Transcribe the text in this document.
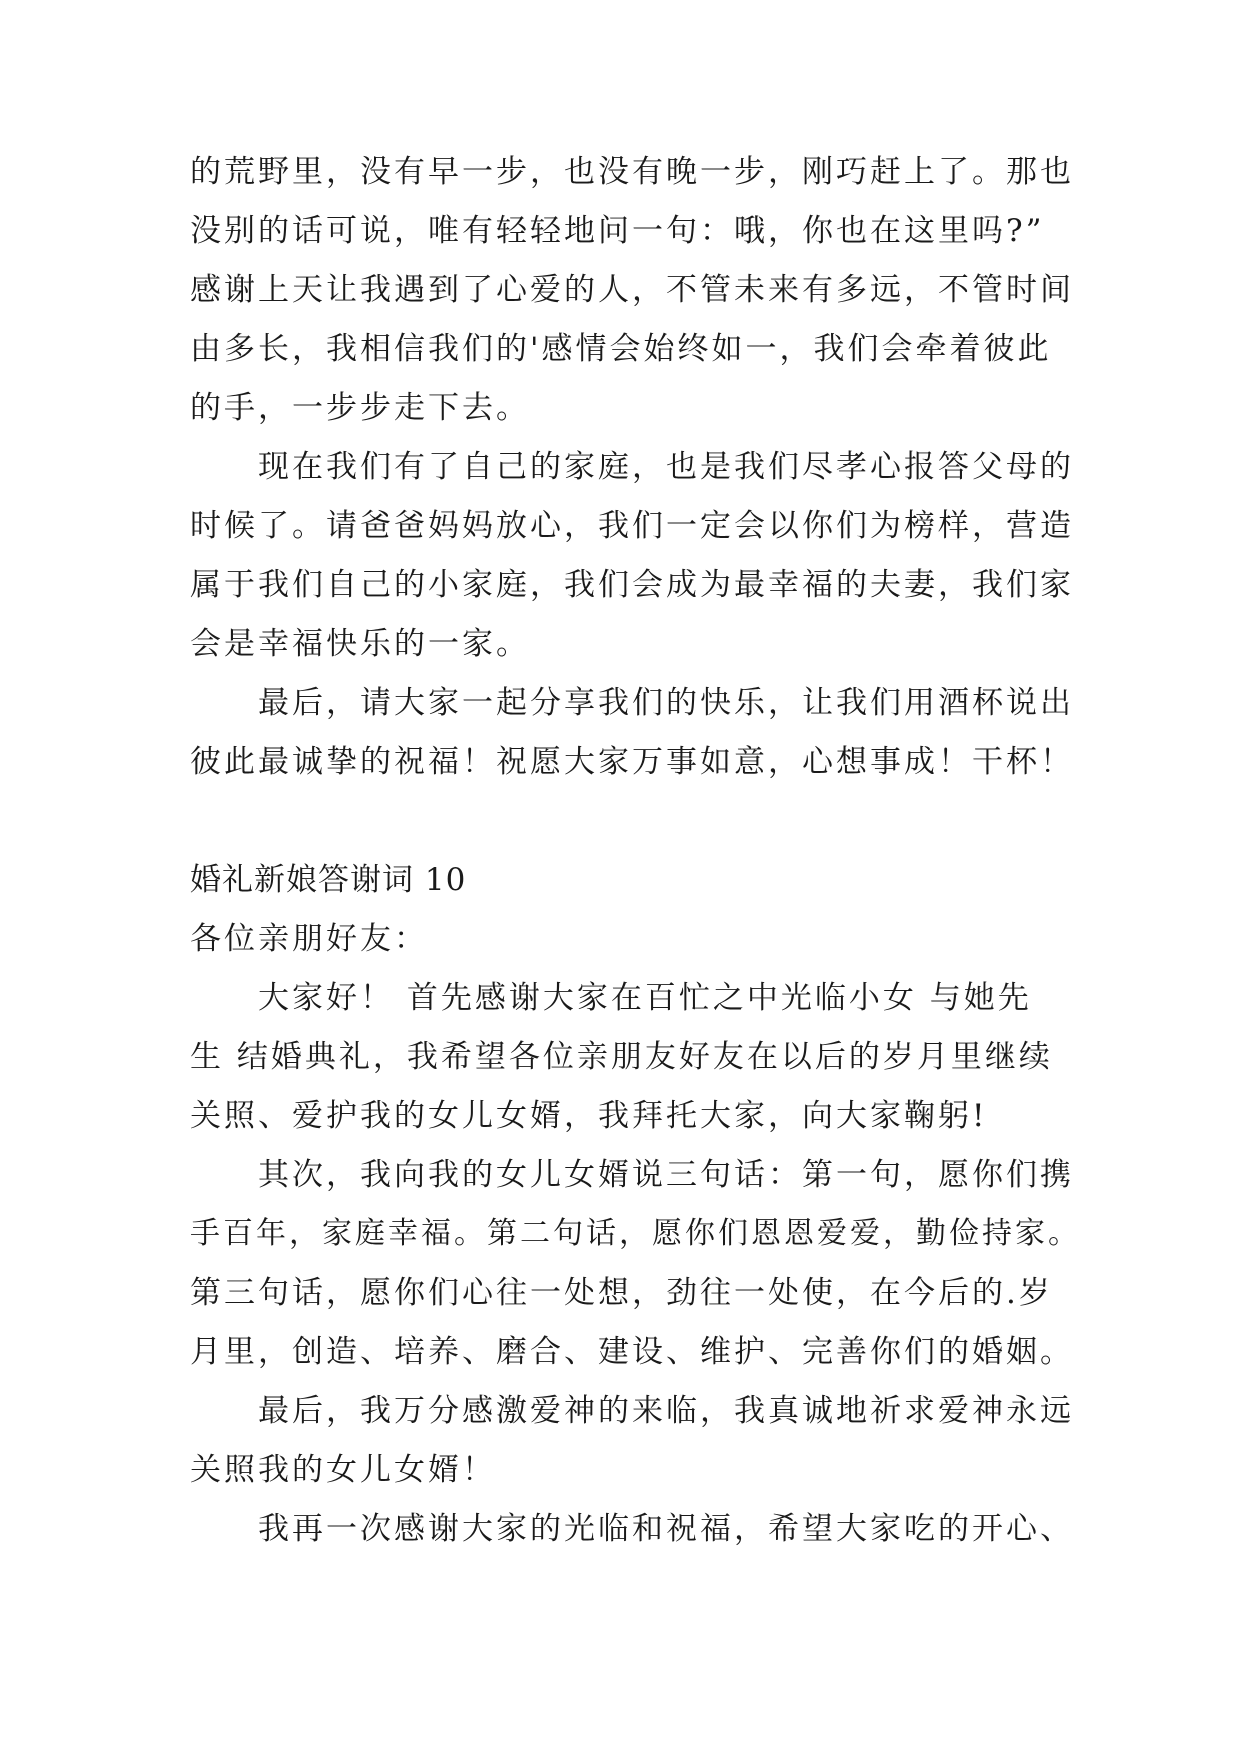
的荒野里，没有早一步，也没有晚一步，刚巧赶上了。那也
没别的话可说，唯有轻轻地问一句：哦，你也在这里吗?”
感谢上天让我遇到了心爱的人，不管未来有多远，不管时间
由多长，我相信我们的'感情会始终如一，我们会牵着彼此
的手，一步步走下去。
现在我们有了自己的家庭，也是我们尽孝心报答父母的
时候了。请爸爸妈妈放心，我们一定会以你们为榜样，营造
属于我们自己的小家庭，我们会成为最幸福的夫妻，我们家
会是幸福快乐的一家。
最后，请大家一起分享我们的快乐，让我们用酒杯说出
彼此最诚挚的祝福！祝愿大家万事如意，心想事成！干杯！
婚礼新娘答谢词 10
各位亲朋好友：
大家好！ 首先感谢大家在百忙之中光临小女 与她先
生 结婚典礼，我希望各位亲朋友好友在以后的岁月里继续
关照、爱护我的女儿女婿，我拜托大家，向大家鞠躬!
其次，我向我的女儿女婿说三句话：第一句，愿你们携
手百年，家庭幸福。第二句话，愿你们恩恩爱爱，勤俭持家。
第三句话，愿你们心往一处想，劲往一处使，在今后的.岁
月里，创造、培养、磨合、建设、维护、完善你们的婚姻。
最后，我万分感激爱神的来临，我真诚地祈求爱神永远
关照我的女儿女婿！
我再一次感谢大家的光临和祝福，希望大家吃的开心、
